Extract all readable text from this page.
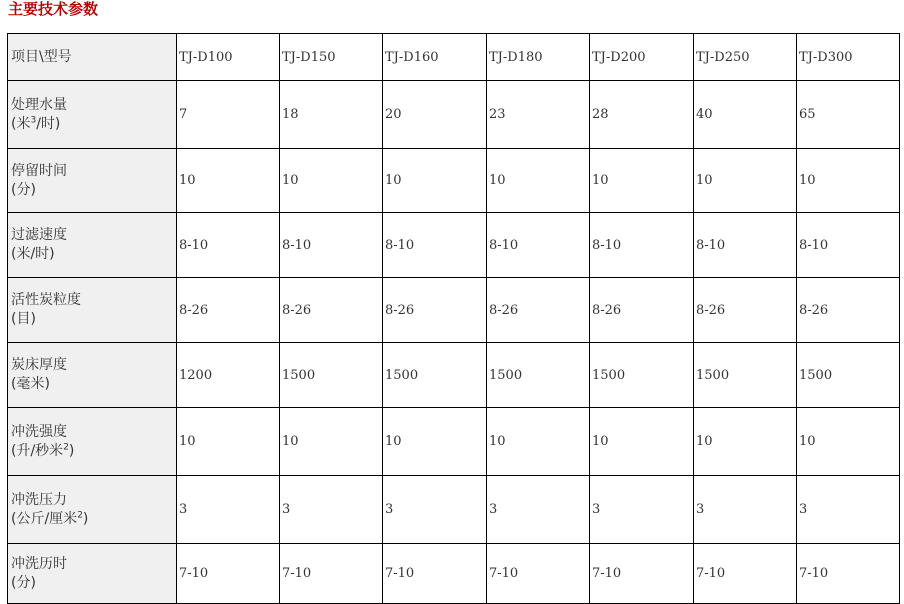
主要技术参数
项目\型号	TJ-D100	TJ-D150	TJ-D160	TJ-D180	TJ-D200	TJ-D250	TJ-D300
处理水量
(米$^3$/时)	7	18	20	23	28	40	65
停留时间
(分)	10	10	10	10	10	10	10
过滤速度
(米/时)	8-10	8-10	8-10	8-10	8-10	8-10	8-10
活性炭粒度
(目)	8-26	8-26	8-26	8-26	8-26	8-26	8-26
炭床厚度
(毫米)	1200	1500	1500	1500	1500	1500	1500
冲洗强度
(升/秒米$^2$)	10	10	10	10	10	10	10
冲洗压力
(公斤/厘米$^2$)	3	3	3	3	3	3	3
冲洗历时
(分)	7-10	7-10	7-10	7-10	7-10	7-10	7-10
